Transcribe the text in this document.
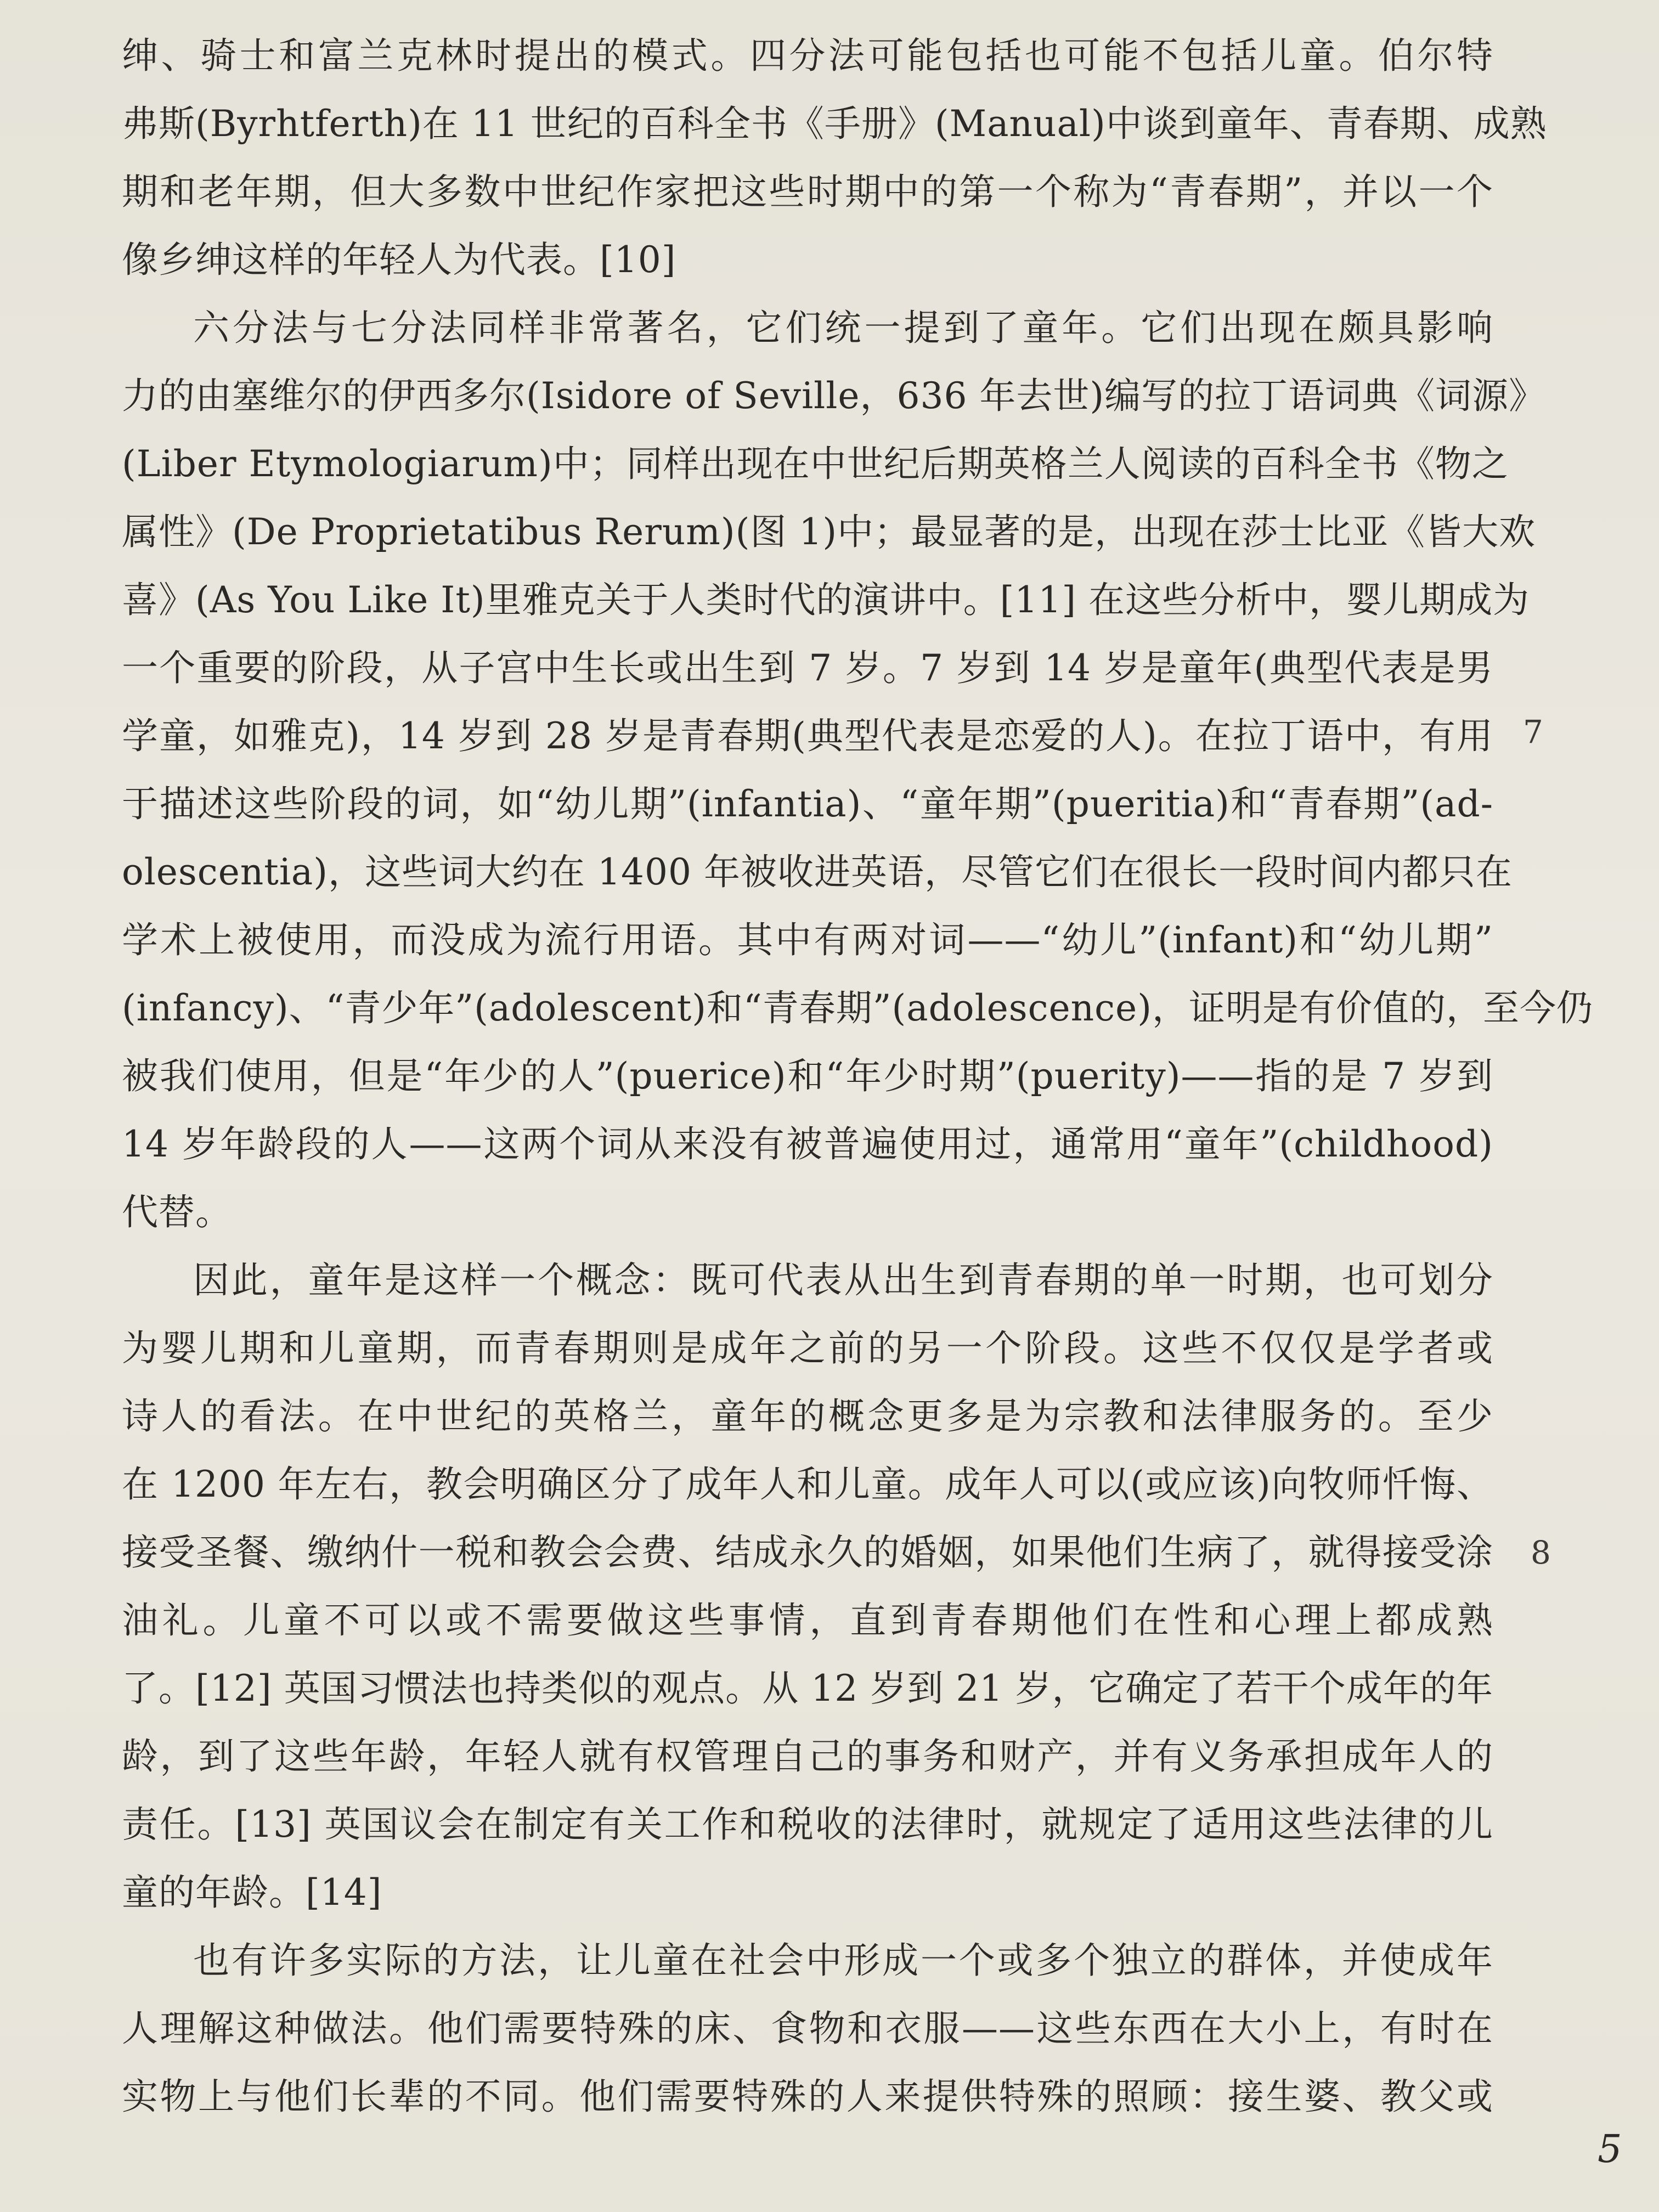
绅、骑士和富兰克林时提出的模式。四分法可能包括也可能不包括儿童。伯尔特
弗斯(Byrhtferth)在 11 世纪的百科全书《手册》(Manual)中谈到童年、青春期、成熟
期和老年期，但大多数中世纪作家把这些时期中的第一个称为“青春期”，并以一个
像乡绅这样的年轻人为代表。[10]
六分法与七分法同样非常著名，它们统一提到了童年。它们出现在颇具影响
力的由塞维尔的伊西多尔(Isidore of Seville，636 年去世)编写的拉丁语词典《词源》
(Liber Etymologiarum)中；同样出现在中世纪后期英格兰人阅读的百科全书《物之
属性》(De Proprietatibus Rerum)(图 1)中；最显著的是，出现在莎士比亚《皆大欢
喜》(As You Like It)里雅克关于人类时代的演讲中。[11] 在这些分析中，婴儿期成为
一个重要的阶段，从子宫中生长或出生到 7 岁。7 岁到 14 岁是童年(典型代表是男
学童，如雅克)，14 岁到 28 岁是青春期(典型代表是恋爱的人)。在拉丁语中，有用
于描述这些阶段的词，如“幼儿期”(infantia)、“童年期”(pueritia)和“青春期”(ad-
olescentia)，这些词大约在 1400 年被收进英语，尽管它们在很长一段时间内都只在
学术上被使用，而没成为流行用语。其中有两对词——“幼儿”(infant)和“幼儿期”
(infancy)、“青少年”(adolescent)和“青春期”(adolescence)，证明是有价值的，至今仍
被我们使用，但是“年少的人”(puerice)和“年少时期”(puerity)——指的是 7 岁到
14 岁年龄段的人——这两个词从来没有被普遍使用过，通常用“童年”(childhood)
代替。
因此，童年是这样一个概念：既可代表从出生到青春期的单一时期，也可划分
为婴儿期和儿童期，而青春期则是成年之前的另一个阶段。这些不仅仅是学者或
诗人的看法。在中世纪的英格兰，童年的概念更多是为宗教和法律服务的。至少
在 1200 年左右，教会明确区分了成年人和儿童。成年人可以(或应该)向牧师忏悔、
接受圣餐、缴纳什一税和教会会费、结成永久的婚姻，如果他们生病了，就得接受涂
油礼。儿童不可以或不需要做这些事情，直到青春期他们在性和心理上都成熟
了。[12] 英国习惯法也持类似的观点。从 12 岁到 21 岁，它确定了若干个成年的年
龄，到了这些年龄，年轻人就有权管理自己的事务和财产，并有义务承担成年人的
责任。[13] 英国议会在制定有关工作和税收的法律时，就规定了适用这些法律的儿
童的年龄。[14]
也有许多实际的方法，让儿童在社会中形成一个或多个独立的群体，并使成年
人理解这种做法。他们需要特殊的床、食物和衣服——这些东西在大小上，有时在
实物上与他们长辈的不同。他们需要特殊的人来提供特殊的照顾：接生婆、教父或
7
8
5
